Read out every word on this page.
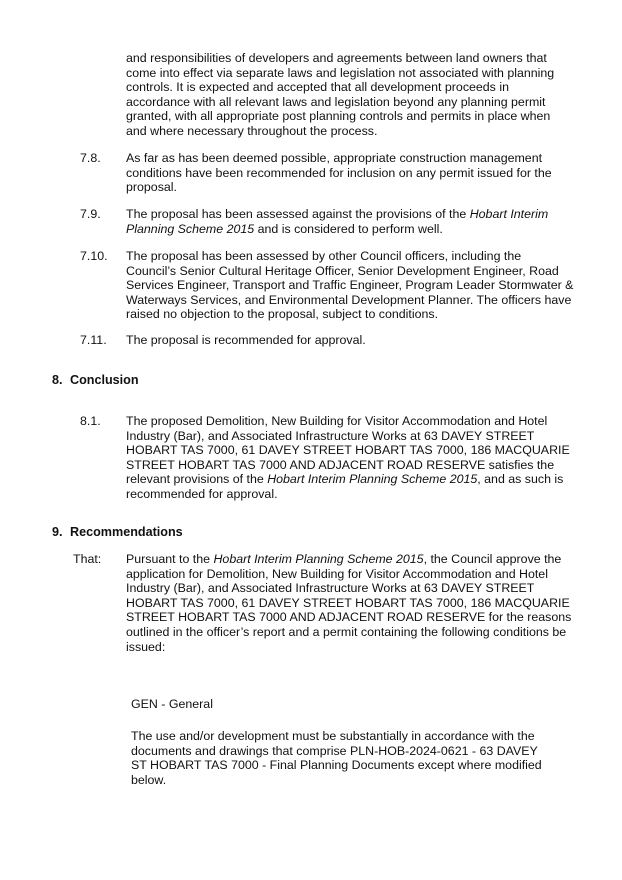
and responsibilities of developers and agreements between land owners that come into effect via separate laws and legislation not associated with planning controls. It is expected and accepted that all development proceeds in accordance with all relevant laws and legislation beyond any planning permit granted, with all appropriate post planning controls and permits in place when and where necessary throughout the process.

7.8. As far as has been deemed possible, appropriate construction management conditions have been recommended for inclusion on any permit issued for the proposal.

7.9. The proposal has been assessed against the provisions of the Hobart Interim Planning Scheme 2015 and is considered to perform well.

7.10. The proposal has been assessed by other Council officers, including the Council’s Senior Cultural Heritage Officer, Senior Development Engineer, Road Services Engineer, Transport and Traffic Engineer, Program Leader Stormwater & Waterways Services, and Environmental Development Planner. The officers have raised no objection to the proposal, subject to conditions.

7.11. The proposal is recommended for approval.

8. Conclusion

8.1. The proposed Demolition, New Building for Visitor Accommodation and Hotel Industry (Bar), and Associated Infrastructure Works at 63 DAVEY STREET HOBART TAS 7000, 61 DAVEY STREET HOBART TAS 7000, 186 MACQUARIE STREET HOBART TAS 7000 AND ADJACENT ROAD RESERVE satisfies the relevant provisions of the Hobart Interim Planning Scheme 2015, and as such is recommended for approval.

9. Recommendations

That: Pursuant to the Hobart Interim Planning Scheme 2015, the Council approve the application for Demolition, New Building for Visitor Accommodation and Hotel Industry (Bar), and Associated Infrastructure Works at 63 DAVEY STREET HOBART TAS 7000, 61 DAVEY STREET HOBART TAS 7000, 186 MACQUARIE STREET HOBART TAS 7000 AND ADJACENT ROAD RESERVE for the reasons outlined in the officer’s report and a permit containing the following conditions be issued:

GEN - General

The use and/or development must be substantially in accordance with the documents and drawings that comprise PLN-HOB-2024-0621 - 63 DAVEY ST HOBART TAS 7000 - Final Planning Documents except where modified below.
